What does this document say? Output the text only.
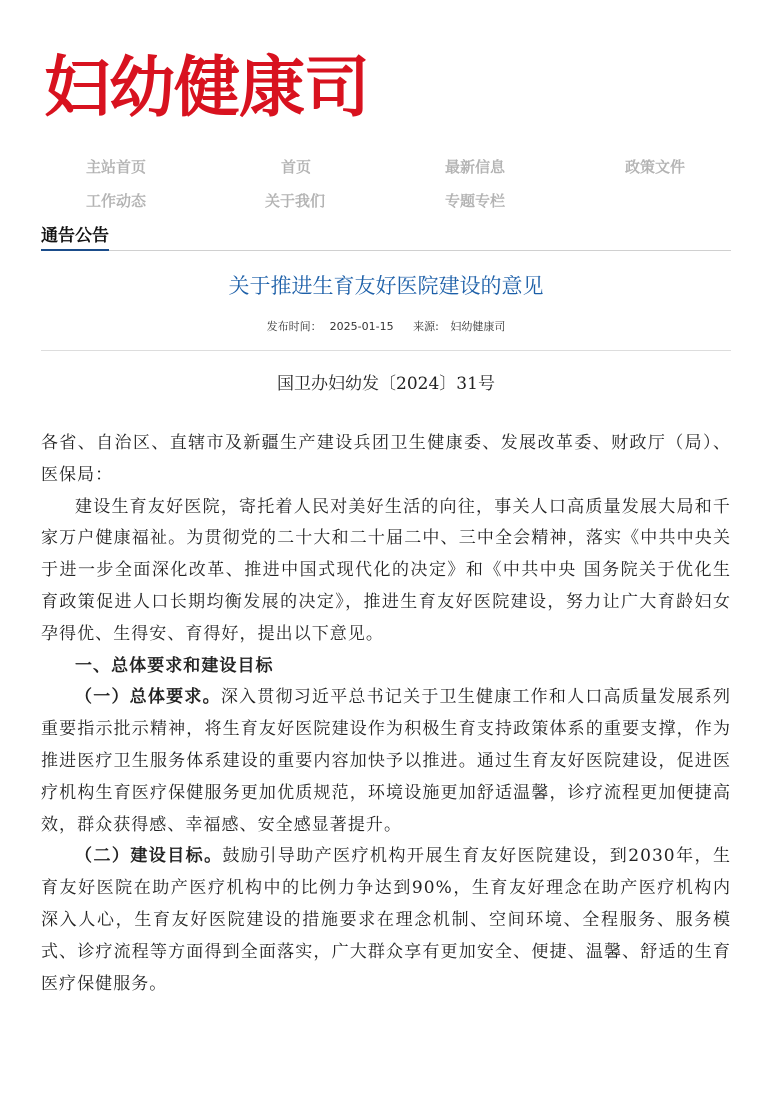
妇幼健康司
主站首页	首页	最新信息	政策文件
工作动态	关于我们	专题专栏
通告公告
关于推进生育友好医院建设的意见
发布时间： 2025-01-15 来源: 妇幼健康司
国卫办妇幼发〔2024〕31号

各省、自治区、直辖市及新疆生产建设兵团卫生健康委、发展改革委、财政厅（局）、医保局：

建设生育友好医院，寄托着人民对美好生活的向往，事关人口高质量发展大局和千家万户健康福祉。为贯彻党的二十大和二十届二中、三中全会精神，落实《中共中央关于进一步全面深化改革、推进中国式现代化的决定》和《中共中央 国务院关于优化生育政策促进人口长期均衡发展的决定》，推进生育友好医院建设，努力让广大育龄妇女孕得优、生得安、育得好，提出以下意见。

一、总体要求和建设目标

（一）总体要求。深入贯彻习近平总书记关于卫生健康工作和人口高质量发展系列重要指示批示精神，将生育友好医院建设作为积极生育支持政策体系的重要支撑，作为推进医疗卫生服务体系建设的重要内容加快予以推进。通过生育友好医院建设，促进医疗机构生育医疗保健服务更加优质规范，环境设施更加舒适温馨，诊疗流程更加便捷高效，群众获得感、幸福感、安全感显著提升。

（二）建设目标。鼓励引导助产医疗机构开展生育友好医院建设，到2030年，生育友好医院在助产医疗机构中的比例力争达到90%，生育友好理念在助产医疗机构内深入人心，生育友好医院建设的措施要求在理念机制、空间环境、全程服务、服务模式、诊疗流程等方面得到全面落实，广大群众享有更加安全、便捷、温馨、舒适的生育医疗保健服务。
